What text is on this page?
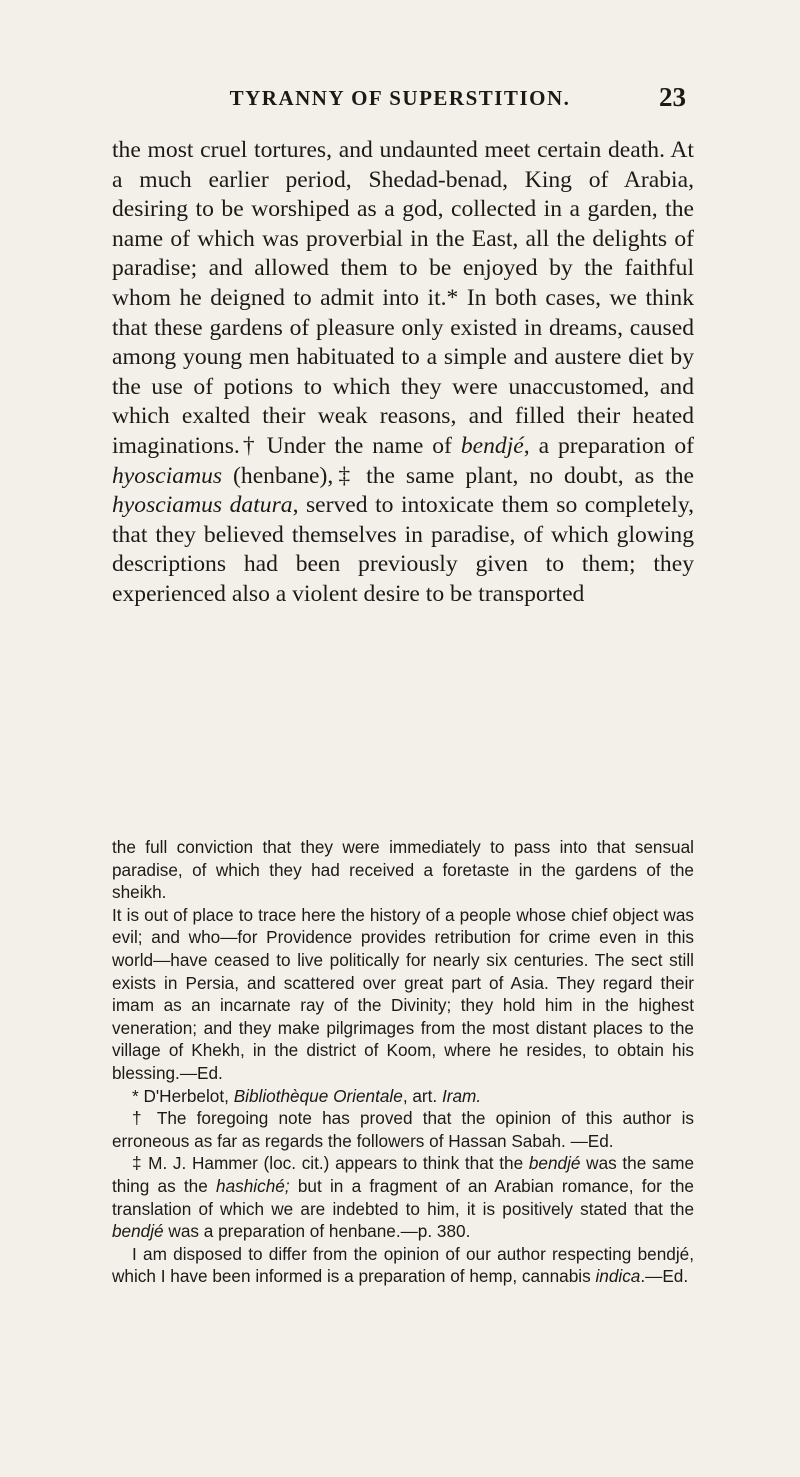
TYRANNY OF SUPERSTITION.	23

the most cruel tortures, and undaunted meet certain death. At a much earlier period, Shedad-benad, King of Arabia, desiring to be worshiped as a god, collected in a garden, the name of which was proverbial in the East, all the delights of paradise; and allowed them to be enjoyed by the faithful whom he deigned to admit into it.* In both cases, we think that these gardens of pleasure only existed in dreams, caused among young men habituated to a simple and austere diet by the use of potions to which they were unaccustomed, and which exalted their weak reasons, and filled their heated imaginations.† Under the name of bendjé, a preparation of hyosciamus (henbane),‡ the same plant, no doubt, as the hyosciamus datura, served to intoxicate them so completely, that they believed themselves in paradise, of which glowing descriptions had been previously given to them; they experienced also a violent desire to be transported

the full conviction that they were immediately to pass into that sensual paradise, of which they had received a foretaste in the gardens of the sheikh.

It is out of place to trace here the history of a people whose chief object was evil; and who—for Providence provides retribution for crime even in this world—have ceased to live politically for nearly six centuries. The sect still exists in Persia, and scattered over great part of Asia. They regard their imam as an incarnate ray of the Divinity; they hold him in the highest veneration; and they make pilgrimages from the most distant places to the village of Khekh, in the district of Koom, where he resides, to obtain his blessing.—Ed.

* D'Herbelot, Bibliothèque Orientale, art. Iram.

† The foregoing note has proved that the opinion of this author is erroneous as far as regards the followers of Hassan Sabah. —Ed.

‡ M. J. Hammer (loc. cit.) appears to think that the bendjé was the same thing as the hashiché; but in a fragment of an Arabian romance, for the translation of which we are indebted to him, it is positively stated that the bendjé was a preparation of henbane.—p. 380.

I am disposed to differ from the opinion of our author respecting bendjé, which I have been informed is a preparation of hemp, cannabis indica.—Ed.
